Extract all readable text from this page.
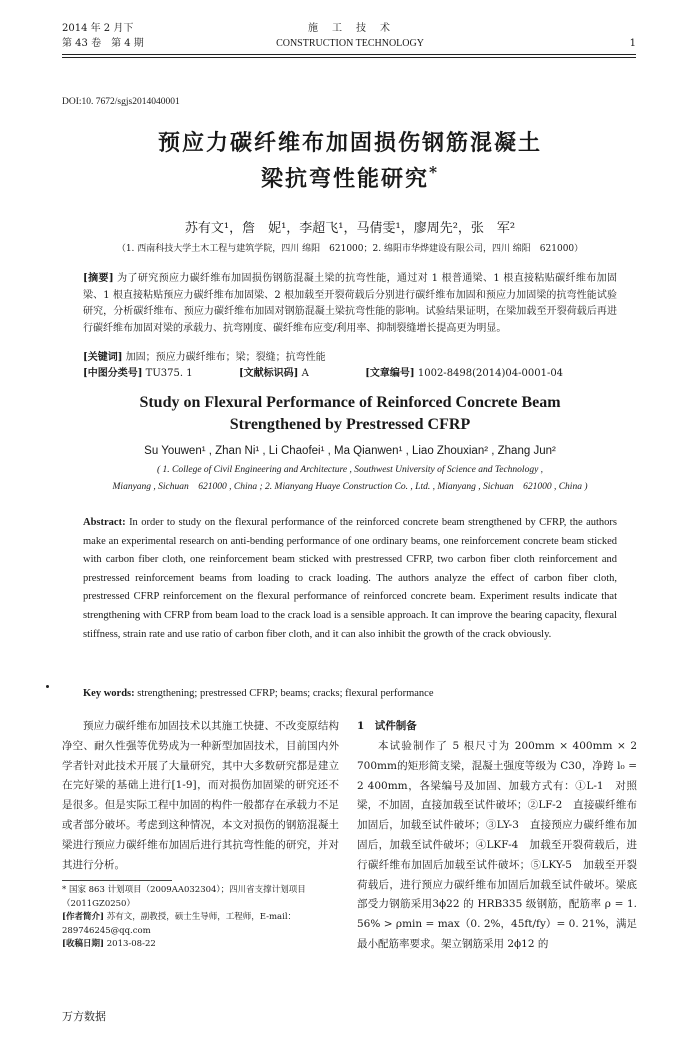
2014 年 2 月下
第 43 卷　第 4 期
施　工　技　术
CONSTRUCTION TECHNOLOGY	1
DOI:10. 7672/sgjs2014040001
预应力碳纤维布加固损伤钢筋混凝土
梁抗弯性能研究*
苏有文¹，詹　妮¹，李超飞¹，马倩雯¹，廖周先²，张　军²
（1. 西南科技大学土木工程与建筑学院，四川 绵阳　621000；2. 绵阳市华烨建设有限公司，四川 绵阳　621000）
[摘要] 为了研究预应力碳纤维布加固损伤钢筋混凝土梁的抗弯性能，通过对 1 根普通梁、1 根直接粘贴碳纤维布加固梁、1 根直接粘贴预应力碳纤维布加固梁、2 根加载至开裂荷载后分别进行碳纤维布加固和预应力加固梁的抗弯性能试验研究，分析碳纤维布、预应力碳纤维布加固对钢筋混凝土梁抗弯性能的影响。试验结果证明，在梁加载至开裂荷载后再进行碳纤维布加固对梁的承载力、抗弯刚度、碳纤维布应变/利用率、抑制裂缝增长提高更为明显。
[关键词] 加固；预应力碳纤维布；梁；裂缝；抗弯性能
[中图分类号] TU375. 1	[文献标识码] A	[文章编号] 1002-8498(2014)04-0001-04
Study on Flexural Performance of Reinforced Concrete Beam
Strengthened by Prestressed CFRP
Su Youwen¹ , Zhan Ni¹ , Li Chaofei¹ , Ma Qianwen¹ , Liao Zhouxian² , Zhang Jun²
( 1. College of Civil Engineering and Architecture , Southwest University of Science and Technology ,
Mianyang , Sichuan　621000 , China ; 2. Mianyang Huaye Construction Co. , Ltd. , Mianyang , Sichuan　621000 , China )
Abstract: In order to study on the flexural performance of the reinforced concrete beam strengthened by CFRP, the authors make an experimental research on anti-bending performance of one ordinary beams, one reinforcement concrete beam sticked with carbon fiber cloth, one reinforcement beam sticked with prestressed CFRP, two carbon fiber cloth reinforcement and prestressed reinforcement beams from loading to crack loading. The authors analyze the effect of carbon fiber cloth, prestressed CFRP reinforcement on the flexural performance of reinforced concrete beam. Experiment results indicate that strengthening with CFRP from beam load to the crack load is a sensible approach. It can improve the bearing capacity, flexural stiffness, strain rate and use ratio of carbon fiber cloth, and it can also inhibit the growth of the crack obviously.
Key words: strengthening; prestressed CFRP; beams; cracks; flexural performance
预应力碳纤维布加固技术以其施工快捷、不改变原结构净空、耐久性强等优势成为一种新型加固技术，目前国内外学者针对此技术开展了大量研究，其中大多数研究都是建立在完好梁的基础上进行[1-9]，而对损伤加固梁的研究还不是很多。但是实际工程中加固的构件一般都存在承载力不足或者部分破坏。考虑到这种情况，本文对损伤的钢筋混凝土梁进行预应力碳纤维布加固后进行其抗弯性能的研究，并对其进行分析。
* 国家 863 计划项目（2009AA032304）；四川省支撑计划项目（2011GZ0250）
[作者简介] 苏有文，副教授，硕士生导师，工程师，E-mail：289746245@qq.com
[收稿日期] 2013-08-22
1　试件制备
本试验制作了 5 根尺寸为 200mm × 400mm × 2 700mm的矩形简支梁，混凝土强度等级为 C30，净跨 l₀ = 2 400mm，各梁编号及加固、加载方式有：①L-1　对照梁，不加固，直接加载至试件破坏；②LF-2　直接碳纤维布加固后，加载至试件破坏；③LY-3　直接预应力碳纤维布加固后，加载至试件破坏；④LKF-4　加载至开裂荷载后，进行碳纤维布加固后加载至试件破坏；⑤LKY-5　加载至开裂荷载后，进行预应力碳纤维布加固后加载至试件破坏。梁底部受力钢筋采用3ϕ22 的 HRB335 级钢筋，配筋率 ρ = 1. 56% > ρmin = max（0. 2%，45ft/fy）= 0. 21%，满足最小配筋率要求。架立钢筋采用 2ϕ12 的
万方数据
